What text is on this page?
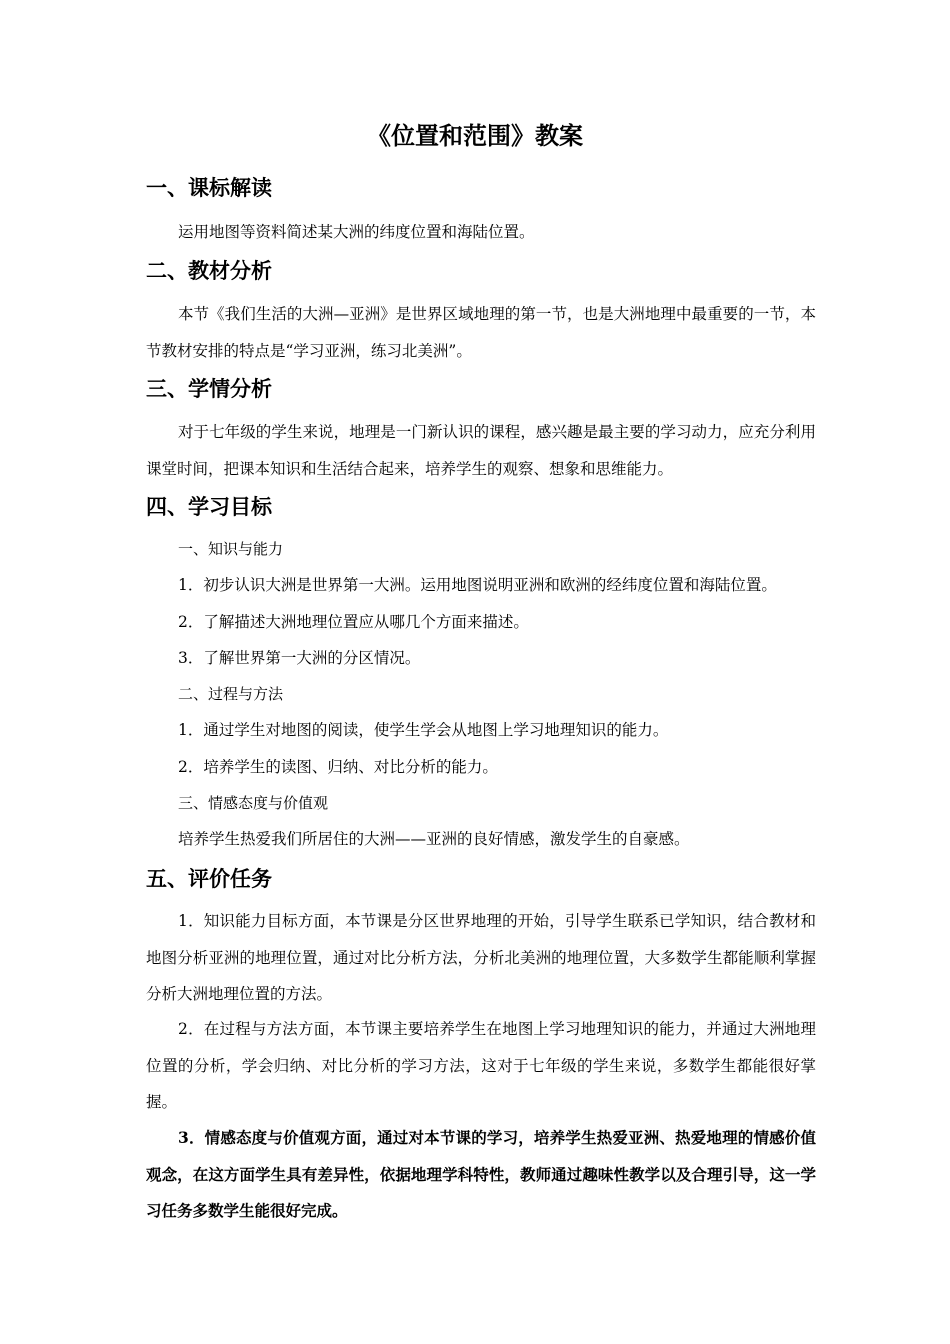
《位置和范围》教案
一、课标解读
运用地图等资料简述某大洲的纬度位置和海陆位置。
二、教材分析
本节《我们生活的大洲—亚洲》是世界区域地理的第一节，也是大洲地理中最重要的一节，本节教材安排的特点是“学习亚洲，练习北美洲”。
三、学情分析
对于七年级的学生来说，地理是一门新认识的课程，感兴趣是最主要的学习动力，应充分利用课堂时间，把课本知识和生活结合起来，培养学生的观察、想象和思维能力。
四、学习目标
一、知识与能力
1．初步认识大洲是世界第一大洲。运用地图说明亚洲和欧洲的经纬度位置和海陆位置。
2．了解描述大洲地理位置应从哪几个方面来描述。
3．了解世界第一大洲的分区情况。
二、过程与方法
1．通过学生对地图的阅读，使学生学会从地图上学习地理知识的能力。
2．培养学生的读图、归纳、对比分析的能力。
三、情感态度与价值观
培养学生热爱我们所居住的大洲——亚洲的良好情感，激发学生的自豪感。
五、评价任务
1．知识能力目标方面，本节课是分区世界地理的开始，引导学生联系已学知识，结合教材和地图分析亚洲的地理位置，通过对比分析方法，分析北美洲的地理位置，大多数学生都能顺利掌握分析大洲地理位置的方法。
2．在过程与方法方面，本节课主要培养学生在地图上学习地理知识的能力，并通过大洲地理位置的分析，学会归纳、对比分析的学习方法，这对于七年级的学生来说，多数学生都能很好掌握。
3．情感态度与价值观方面，通过对本节课的学习，培养学生热爱亚洲、热爱地理的情感价值观念，在这方面学生具有差异性，依据地理学科特性，教师通过趣味性教学以及合理引导，这一学习任务多数学生能很好完成。
